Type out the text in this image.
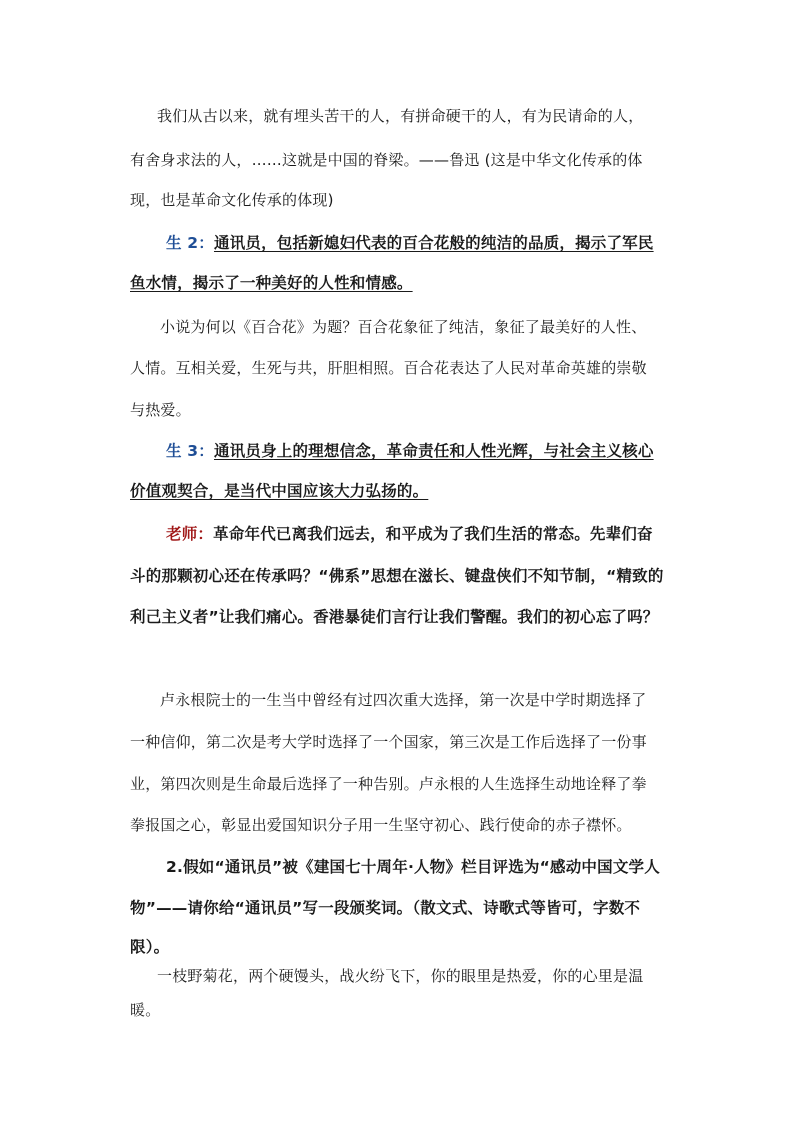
我们从古以来，就有埋头苦干的人，有拼命硬干的人，有为民请命的人，
有舍身求法的人，……这就是中国的脊梁。——鲁迅 (这是中华文化传承的体
现，也是革命文化传承的体现)
生 2：通讯员，包括新媳妇代表的百合花般的纯洁的品质，揭示了军民
鱼水情，揭示了一种美好的人性和情感。
小说为何以《百合花》为题？百合花象征了纯洁，象征了最美好的人性、
人情。互相关爱，生死与共，肝胆相照。百合花表达了人民对革命英雄的崇敬
与热爱。
生 3：通讯员身上的理想信念，革命责任和人性光辉，与社会主义核心
价值观契合，是当代中国应该大力弘扬的。
老师：革命年代已离我们远去，和平成为了我们生活的常态。先辈们奋
斗的那颗初心还在传承吗？“佛系”思想在滋长、键盘侠们不知节制，“精致的
利己主义者”让我们痛心。香港暴徒们言行让我们警醒。我们的初心忘了吗？
卢永根院士的一生当中曾经有过四次重大选择，第一次是中学时期选择了
一种信仰，第二次是考大学时选择了一个国家，第三次是工作后选择了一份事
业，第四次则是生命最后选择了一种告别。卢永根的人生选择生动地诠释了拳
拳报国之心，彰显出爱国知识分子用一生坚守初心、践行使命的赤子襟怀。
2.假如“通讯员”被《建国七十周年·人物》栏目评选为“感动中国文学人
物”——请你给“通讯员”写一段颁奖词。（散文式、诗歌式等皆可，字数不
限）。
一枝野菊花，两个硬馒头，战火纷飞下，你的眼里是热爱，你的心里是温
暖。
